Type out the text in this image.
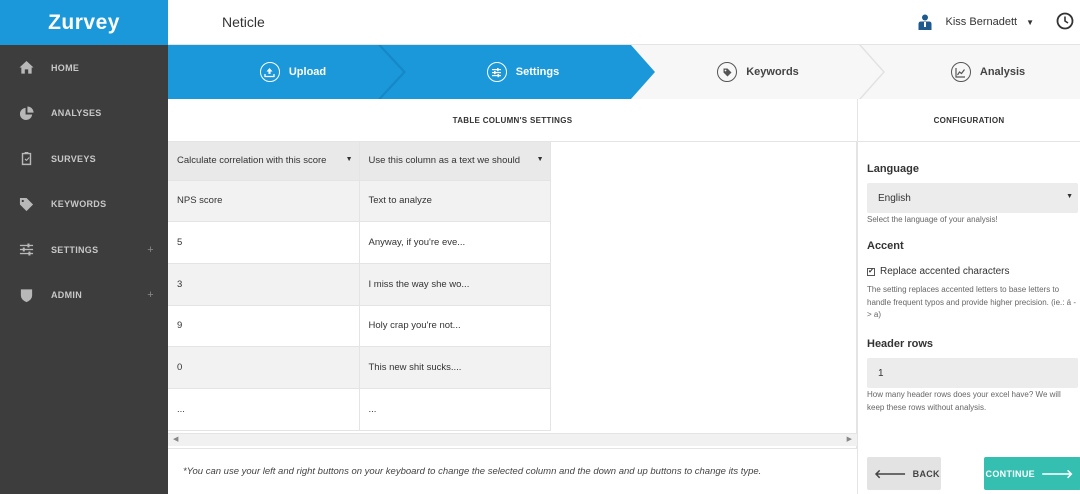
Zurvey
HOME
ANALYSES
SURVEYS
KEYWORDS
SETTINGS	+
ADMIN	+
Neticle	Kiss Bernadett ▼
Upload	Settings	Keywords	Analysis
TABLE COLUMN'S SETTINGS	CONFIGURATION
Calculate correlation with this score ▼	Use this column as a text we should ▼

NPS score	Text to analyze
5	Anyway, if you're eve...
3	I miss the way she wo...
9	Holy crap you're not...
0	This new shit sucks....
...	...
◀	▶
*You can use your left and right buttons on your keyboard to change the selected column and the down and up buttons to change its type.
Language
English	▼
Select the language of your analysis!
Accent
✔ Replace accented characters
The setting replaces accented letters to base letters to handle frequent typos and provide higher precision. (ie.: á -> a)
Header rows
1
How many header rows does your excel have? We will keep these rows without analysis.
🡐 BACK	CONTINUE 🡒
